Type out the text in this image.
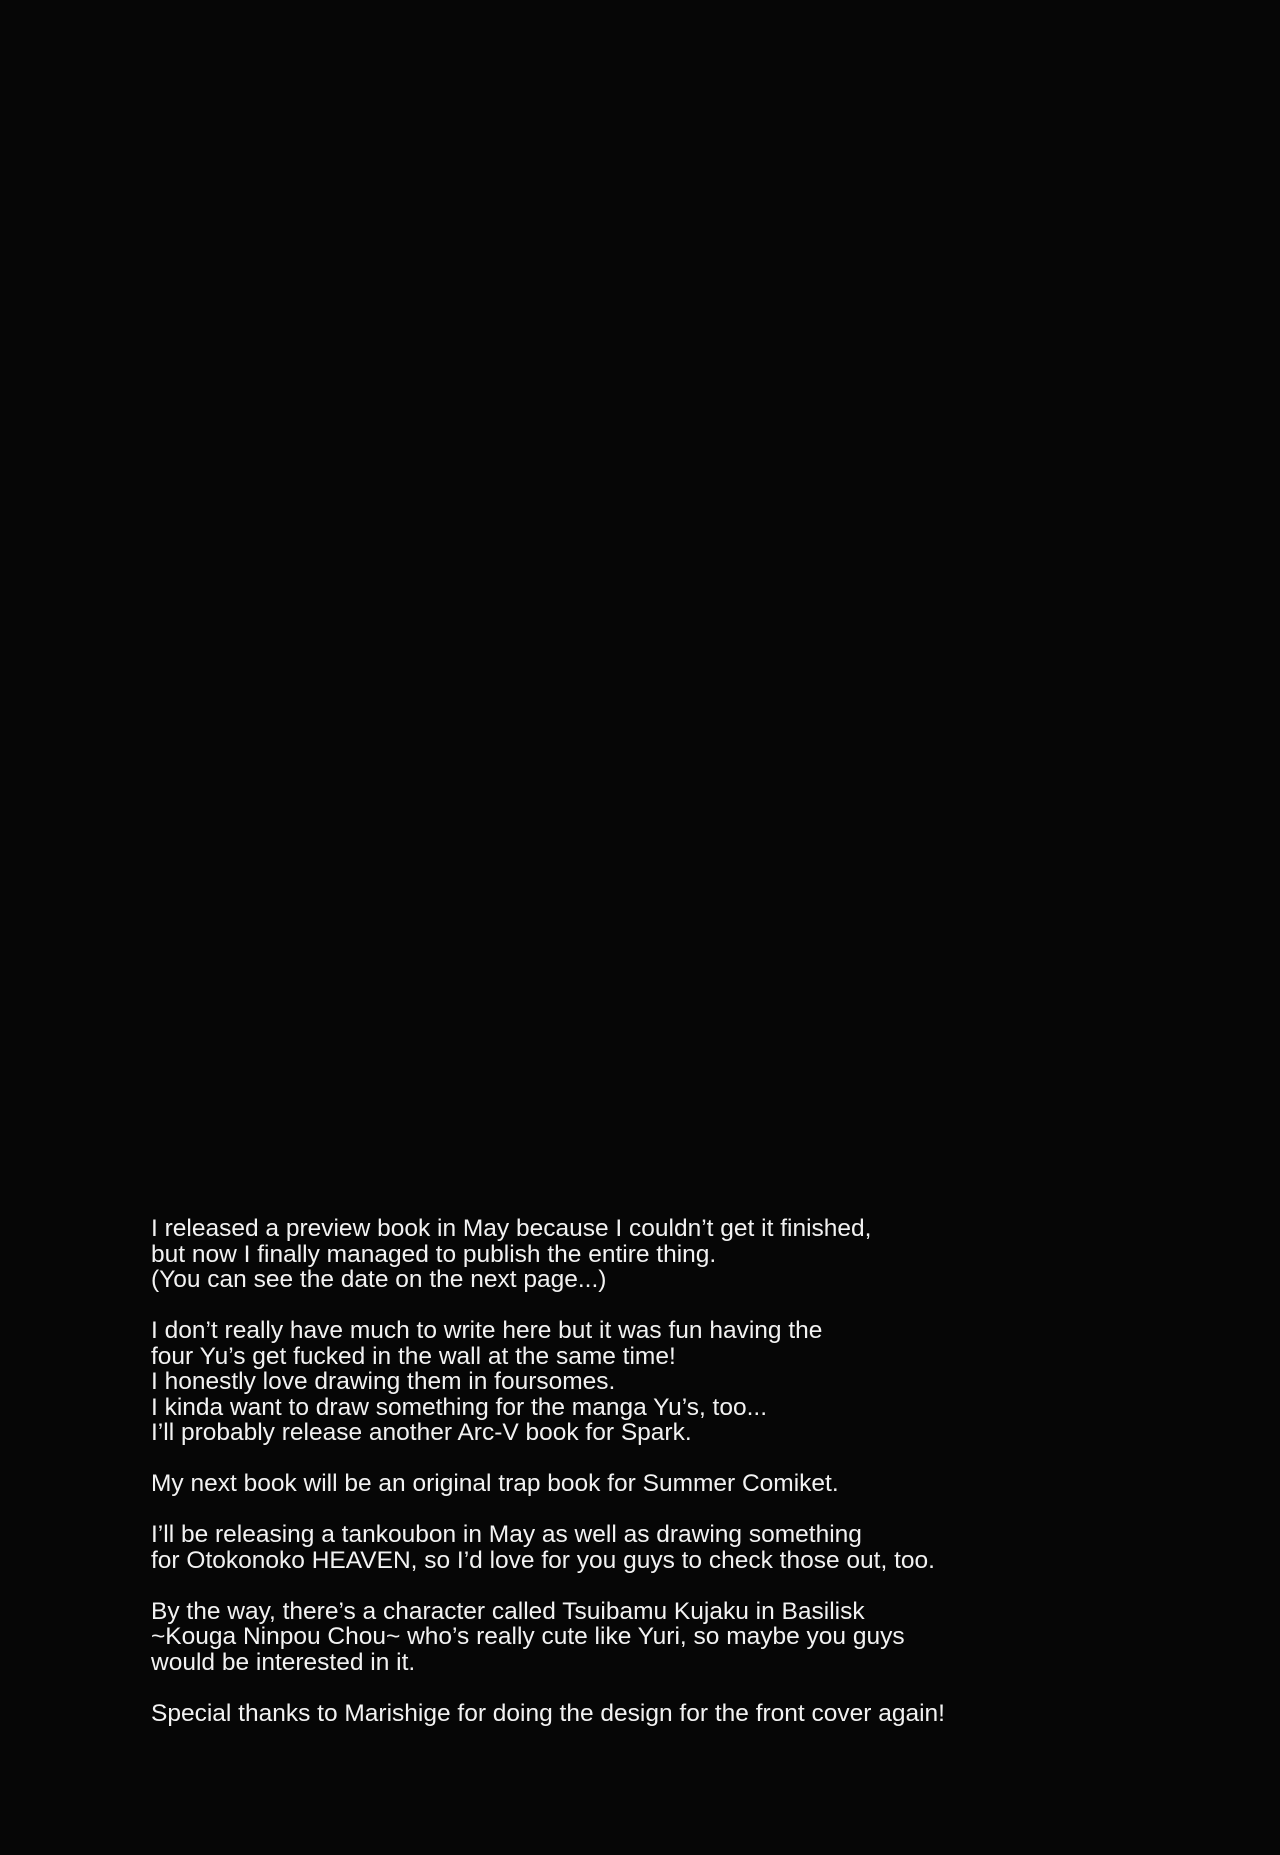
I released a preview book in May because I couldn’t get it finished,
but now I finally managed to publish the entire thing.
(You can see the date on the next page...)

I don’t really have much to write here but it was fun having the
four Yu’s get fucked in the wall at the same time!
I honestly love drawing them in foursomes.
I kinda want to draw something for the manga Yu’s, too...
I’ll probably release another Arc-V book for Spark.

My next book will be an original trap book for Summer Comiket.

I’ll be releasing a tankoubon in May as well as drawing something
for Otokonoko HEAVEN, so I’d love for you guys to check those out, too.

By the way, there’s a character called Tsuibamu Kujaku in Basilisk
~Kouga Ninpou Chou~ who’s really cute like Yuri, so maybe you guys
would be interested in it.

Special thanks to Marishige for doing the design for the front cover again!
